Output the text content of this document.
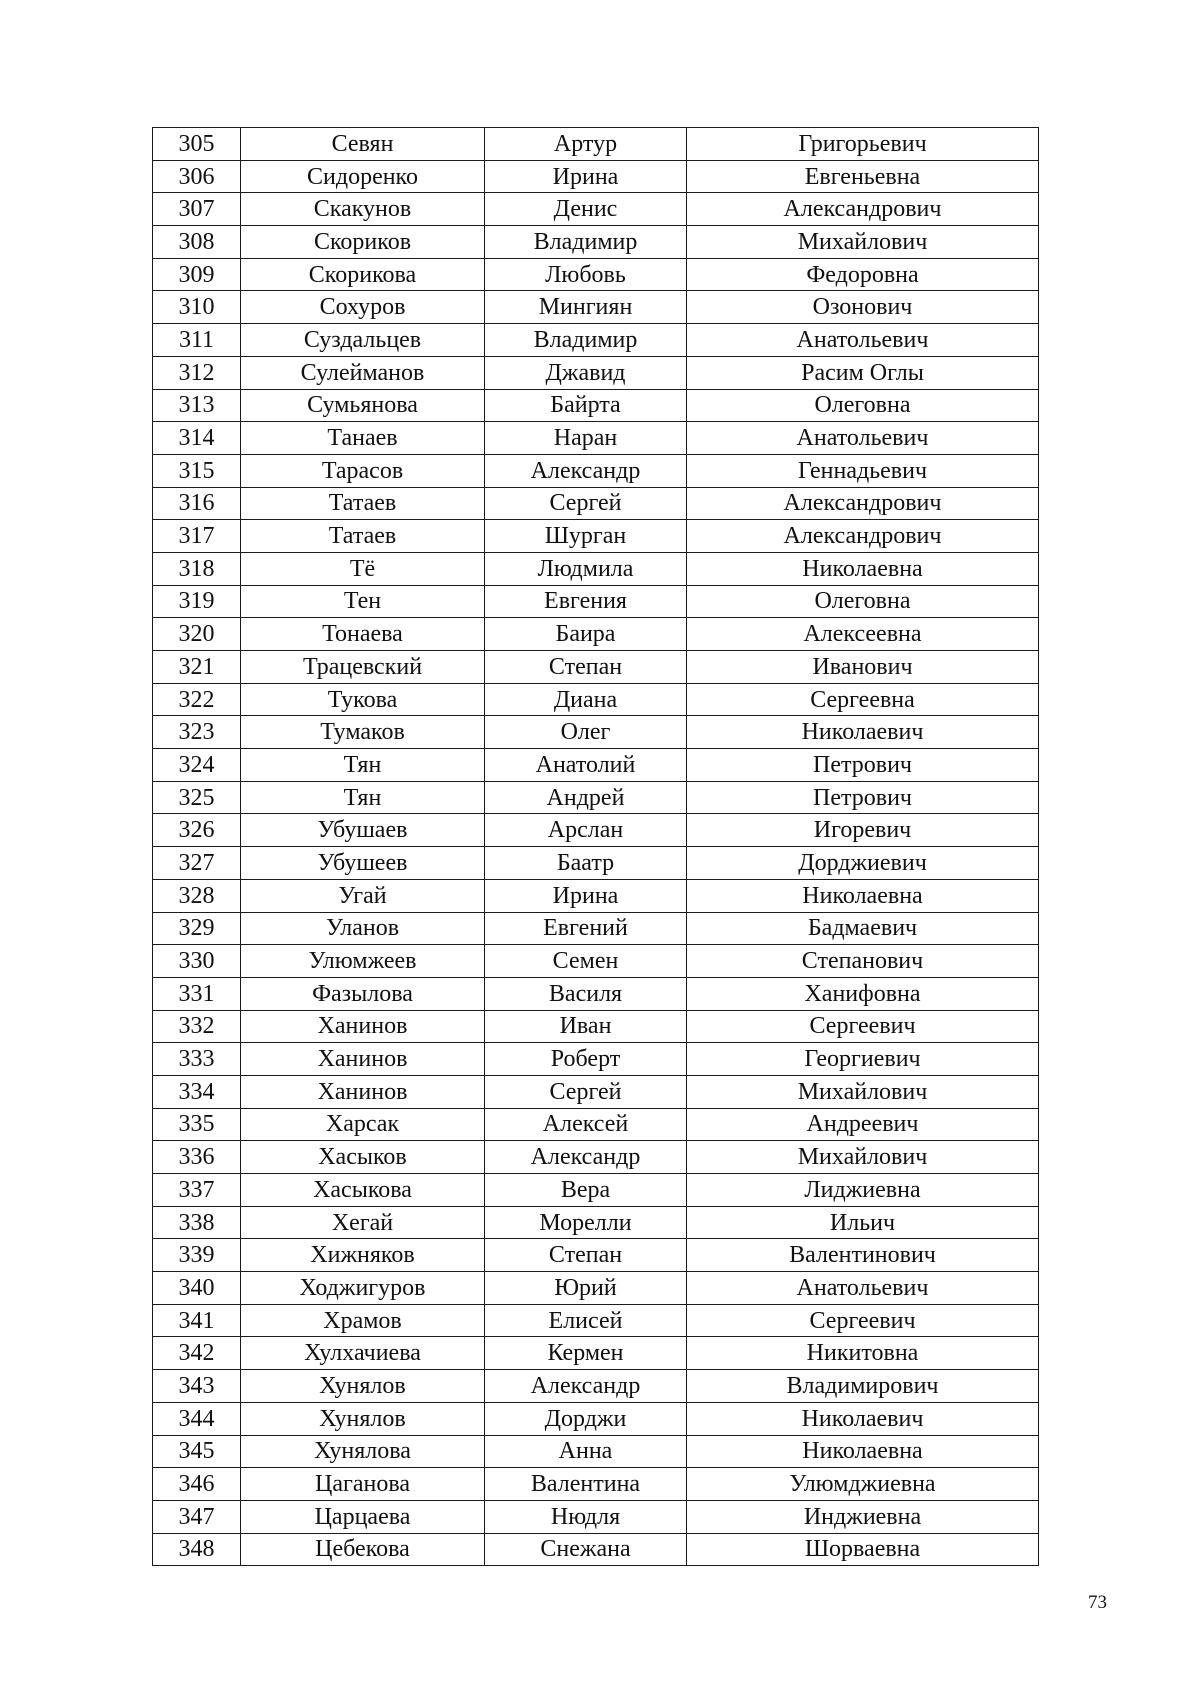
305	Севян	Артур	Григорьевич
306	Сидоренко	Ирина	Евгеньевна
307	Скакунов	Денис	Александрович
308	Скориков	Владимир	Михайлович
309	Скорикова	Любовь	Федоровна
310	Сохуров	Мингиян	Озонович
311	Суздальцев	Владимир	Анатольевич
312	Сулейманов	Джавид	Расим Оглы
313	Сумьянова	Байрта	Олеговна
314	Танаев	Наран	Анатольевич
315	Тарасов	Александр	Геннадьевич
316	Татаев	Сергей	Александрович
317	Татаев	Шурган	Александрович
318	Тё	Людмила	Николаевна
319	Тен	Евгения	Олеговна
320	Тонаева	Баира	Алексеевна
321	Трацевский	Степан	Иванович
322	Тукова	Диана	Сергеевна
323	Тумаков	Олег	Николаевич
324	Тян	Анатолий	Петрович
325	Тян	Андрей	Петрович
326	Убушаев	Арслан	Игоревич
327	Убушеев	Баатр	Дорджиевич
328	Угай	Ирина	Николаевна
329	Уланов	Евгений	Бадмаевич
330	Улюмжеев	Семен	Степанович
331	Фазылова	Василя	Ханифовна
332	Ханинов	Иван	Сергеевич
333	Ханинов	Роберт	Георгиевич
334	Ханинов	Сергей	Михайлович
335	Харсак	Алексей	Андреевич
336	Хасыков	Александр	Михайлович
337	Хасыкова	Вера	Лиджиевна
338	Хегай	Морелли	Ильич
339	Хижняков	Степан	Валентинович
340	Ходжигуров	Юрий	Анатольевич
341	Храмов	Елисей	Сергеевич
342	Хулхачиева	Кермен	Никитовна
343	Хунялов	Александр	Владимирович
344	Хунялов	Дорджи	Николаевич
345	Хунялова	Анна	Николаевна
346	Цаганова	Валентина	Улюмджиевна
347	Царцаева	Нюдля	Инджиевна
348	Цебекова	Снежана	Шорваевна
73
